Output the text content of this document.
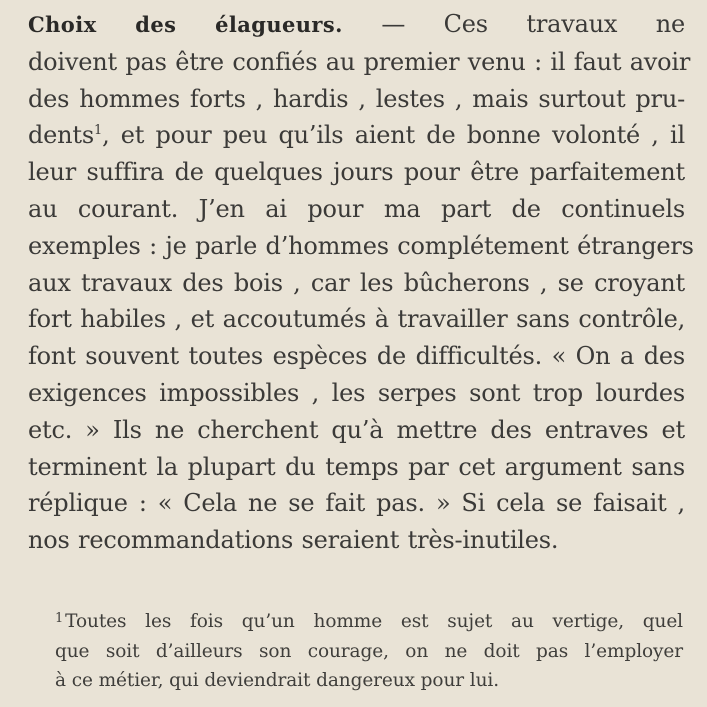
Choix des élagueurs. — Ces travaux ne
doivent pas être confiés au premier venu : il faut avoir
des hommes forts , hardis , lestes , mais surtout pru-
dents$^1$, et pour peu qu’ils aient de bonne volonté , il
leur suffira de quelques jours pour être parfaitement
au courant. J’en ai pour ma part de continuels
exemples : je parle d’hommes complétement étrangers
aux travaux des bois , car les bûcherons , se croyant
fort habiles , et accoutumés à travailler sans contrôle,
font souvent toutes espèces de difficultés. « On a des
exigences impossibles , les serpes sont trop lourdes
etc. » Ils ne cherchent qu’à mettre des entraves et
terminent la plupart du temps par cet argument sans
réplique : « Cela ne se fait pas. » Si cela se faisait ,
nos recommandations seraient très-inutiles.
$^1$ Toutes les fois qu’un homme est sujet au vertige, quel
que soit d’ailleurs son courage, on ne doit pas l’employer
à ce métier, qui deviendrait dangereux pour lui.
